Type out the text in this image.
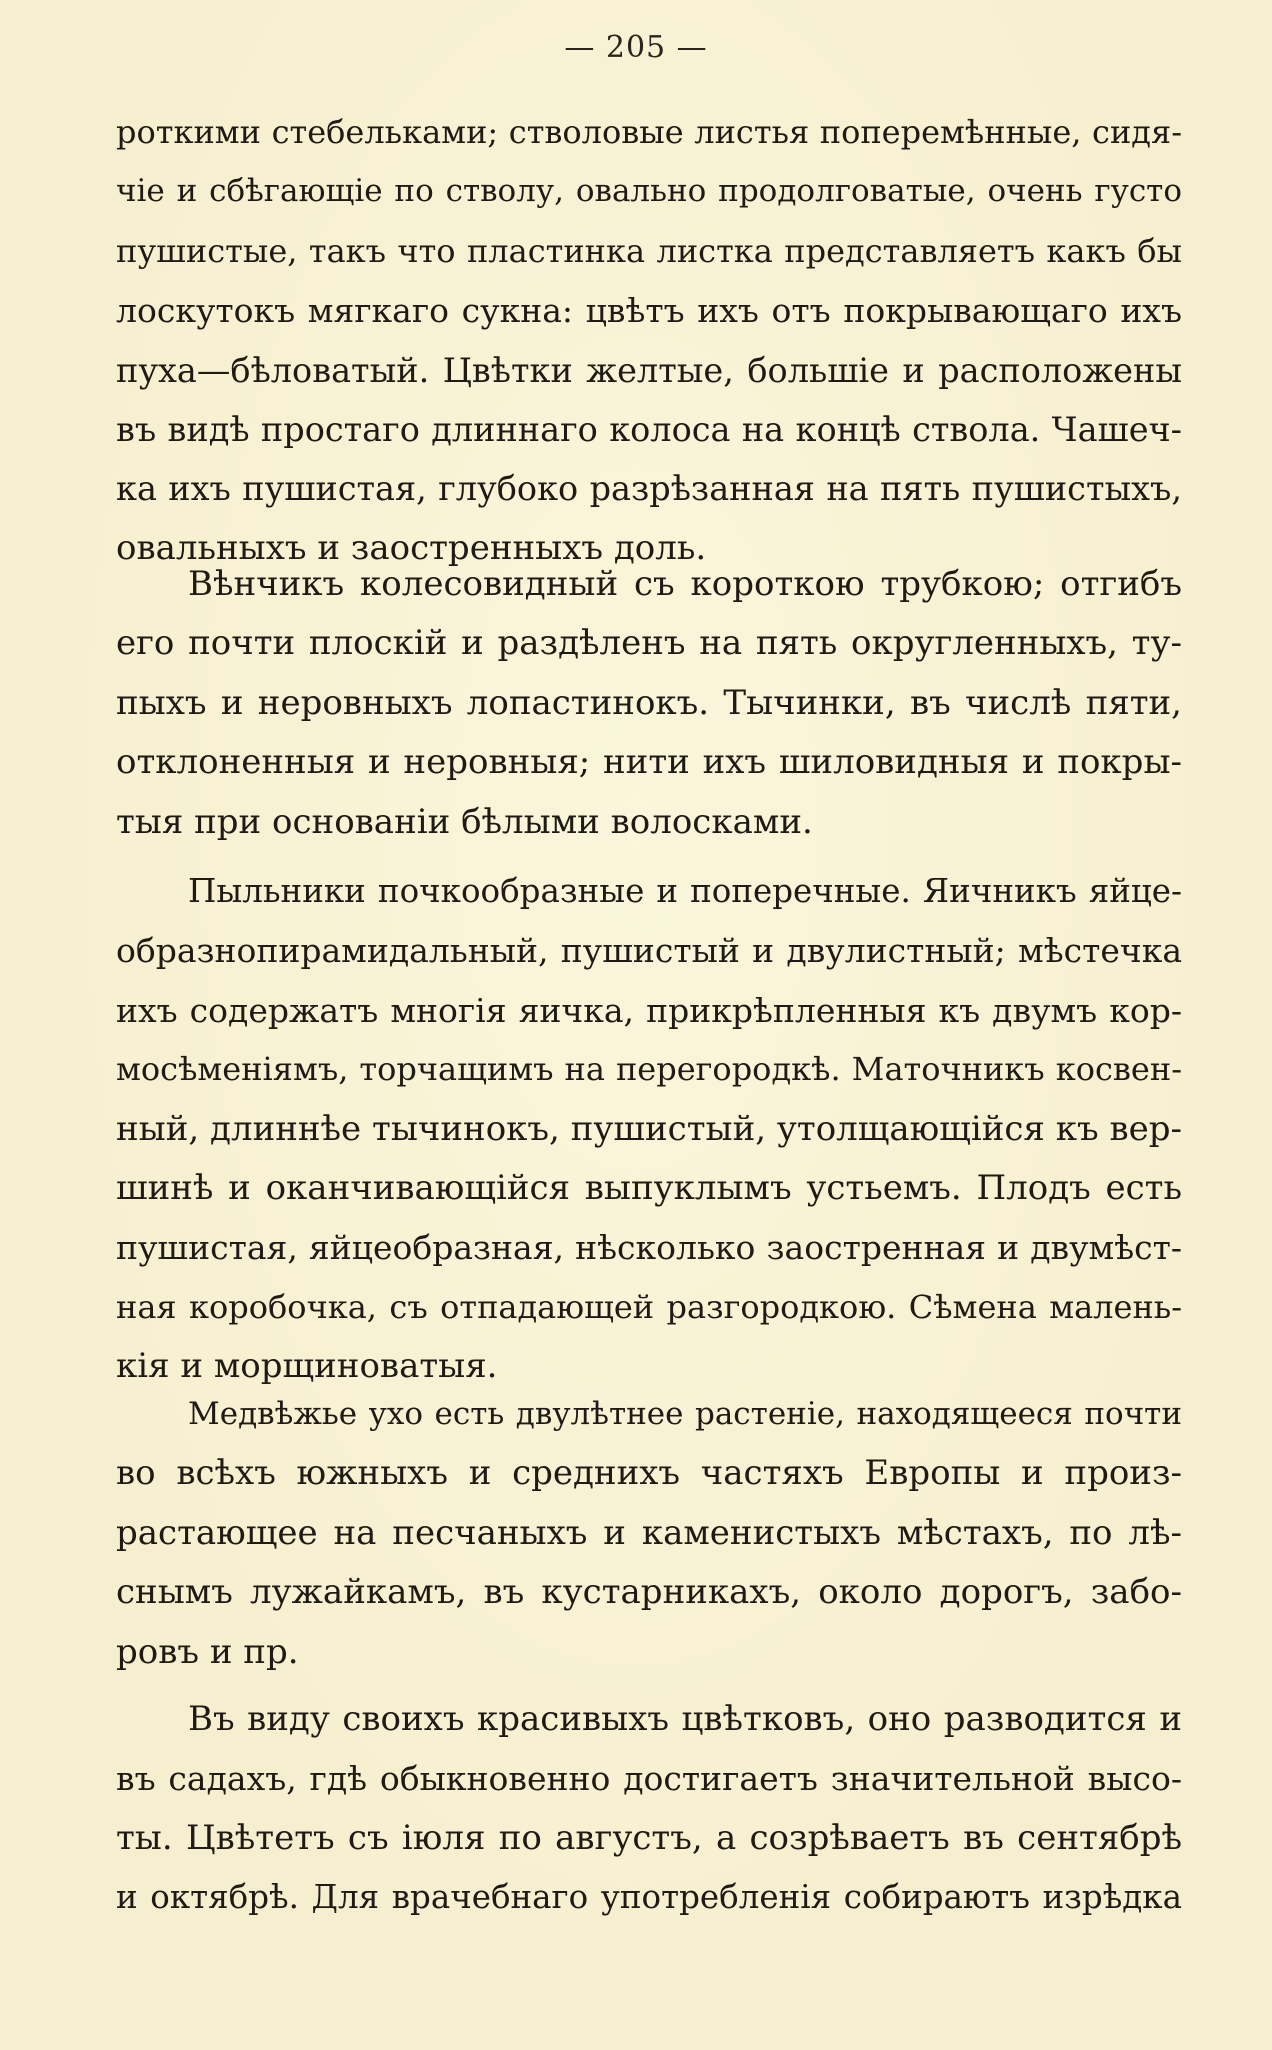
— 205 —
роткими стебельками; стволовые листья поперемѣнные, сидя-
чіе и сбѣгающіе по стволу, овально продолговатые, очень густо
пушистые, такъ что пластинка листка представляетъ какъ бы
лоскутокъ мягкаго сукна: цвѣтъ ихъ отъ покрывающаго ихъ
пуха—бѣловатый. Цвѣтки желтые, большіе и расположены
въ видѣ простаго длиннаго колоса на концѣ ствола. Чашеч-
ка ихъ пушистая, глубоко разрѣзанная на пять пушистыхъ,
овальныхъ и заостренныхъ доль.
Вѣнчикъ колесовидный съ короткою трубкою; отгибъ
его почти плоскій и раздѣленъ на пять округленныхъ, ту-
пыхъ и неровныхъ лопастинокъ. Тычинки, въ числѣ пяти,
отклоненныя и неровныя; нити ихъ шиловидныя и покры-
тыя при основаніи бѣлыми волосками.
Пыльники почкообразные и поперечные. Яичникъ яйце-
образнопирамидальный, пушистый и двулистный; мѣстечка
ихъ содержатъ многія яичка, прикрѣпленныя къ двумъ кор-
мосѣменіямъ, торчащимъ на перегородкѣ. Маточникъ косвен-
ный, длиннѣе тычинокъ, пушистый, утолщающійся къ вер-
шинѣ и оканчивающійся выпуклымъ устьемъ. Плодъ есть
пушистая, яйцеобразная, нѣсколько заостренная и двумѣст-
ная коробочка, съ отпадающей разгородкою. Сѣмена малень-
кія и морщиноватыя.
Медвѣжье ухо есть двулѣтнее растеніе, находящееся почти
во всѣхъ южныхъ и среднихъ частяхъ Европы и произ-
растающее на песчаныхъ и каменистыхъ мѣстахъ, по лѣ-
снымъ лужайкамъ, въ кустарникахъ, около дорогъ, забо-
ровъ и пр.
Въ виду своихъ красивыхъ цвѣтковъ, оно разводится и
въ садахъ, гдѣ обыкновенно достигаетъ значительной высо-
ты. Цвѣтетъ съ іюля по августъ, а созрѣваетъ въ сентябрѣ
и октябрѣ. Для врачебнаго употребленія собираютъ изрѣдка
